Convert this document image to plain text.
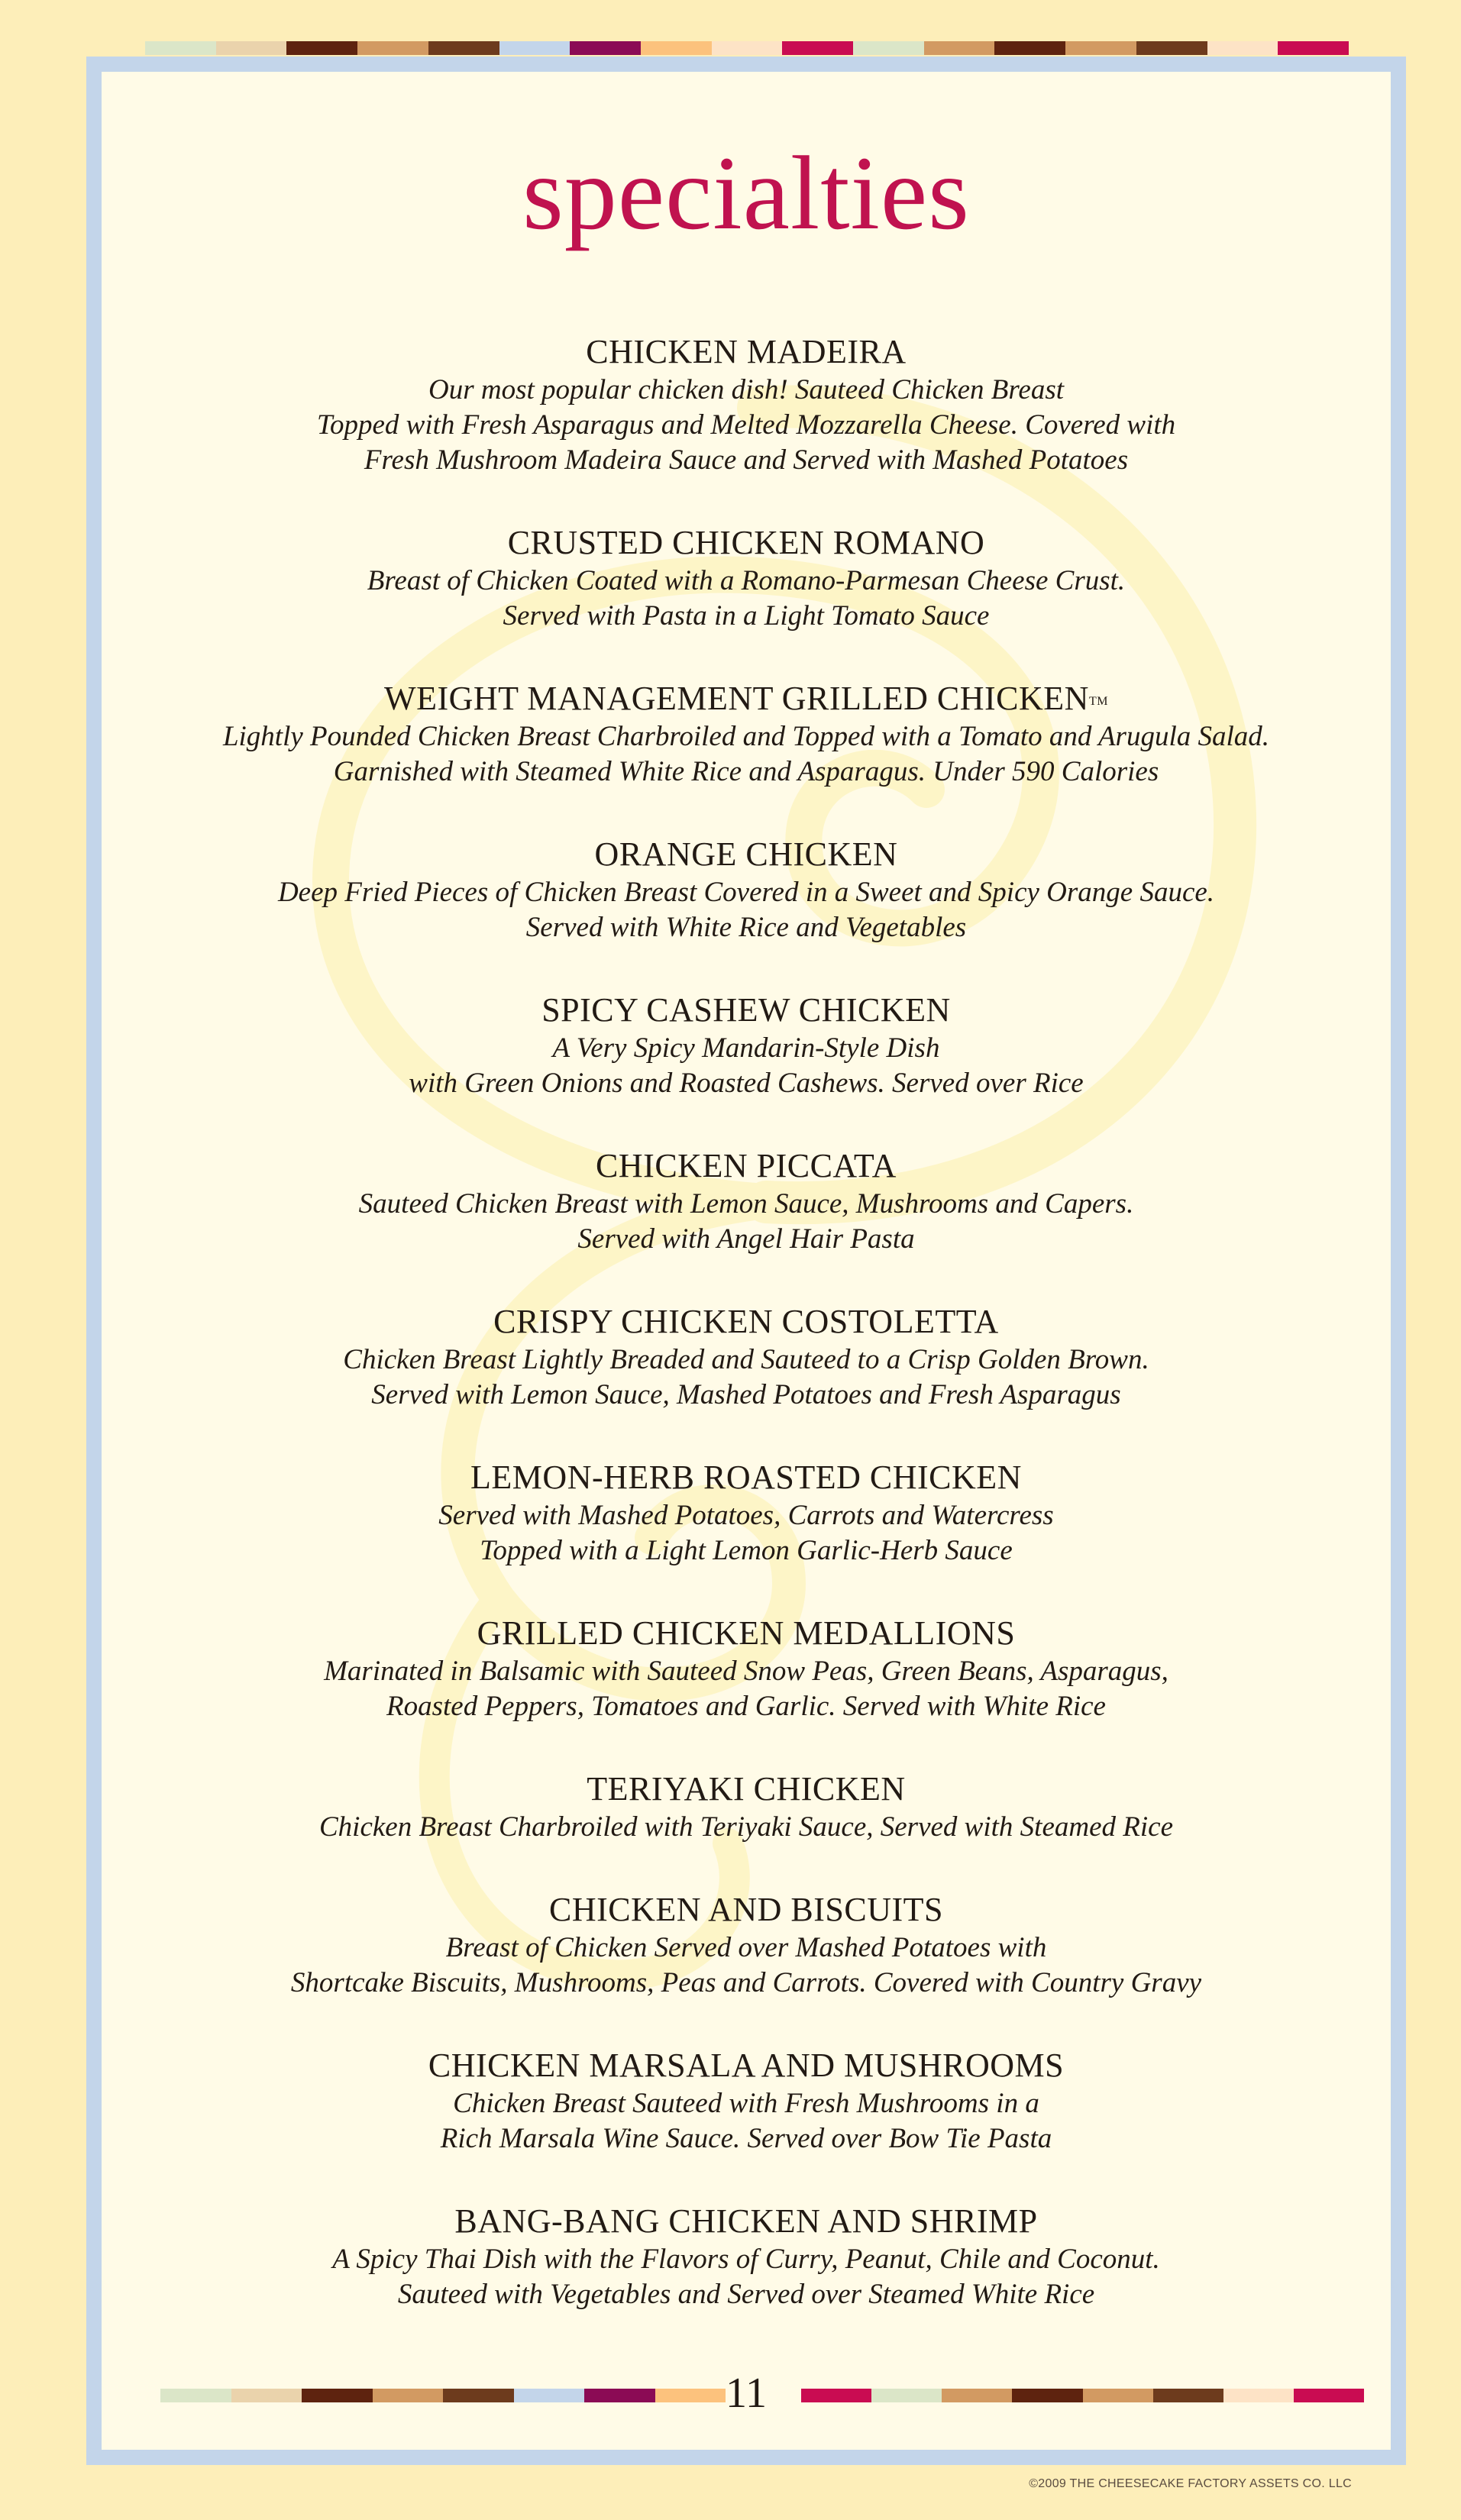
specialties
CHICKEN MADEIRA
Our most popular chicken dish! Sauteed Chicken Breast
Topped with Fresh Asparagus and Melted Mozzarella Cheese. Covered with
Fresh Mushroom Madeira Sauce and Served with Mashed Potatoes
CRUSTED CHICKEN ROMANO
Breast of Chicken Coated with a Romano-Parmesan Cheese Crust.
Served with Pasta in a Light Tomato Sauce
WEIGHT MANAGEMENT GRILLED CHICKEN™
Lightly Pounded Chicken Breast Charbroiled and Topped with a Tomato and Arugula Salad.
Garnished with Steamed White Rice and Asparagus. Under 590 Calories
ORANGE CHICKEN
Deep Fried Pieces of Chicken Breast Covered in a Sweet and Spicy Orange Sauce.
Served with White Rice and Vegetables
SPICY CASHEW CHICKEN
A Very Spicy Mandarin-Style Dish
with Green Onions and Roasted Cashews. Served over Rice
CHICKEN PICCATA
Sauteed Chicken Breast with Lemon Sauce, Mushrooms and Capers.
Served with Angel Hair Pasta
CRISPY CHICKEN COSTOLETTA
Chicken Breast Lightly Breaded and Sauteed to a Crisp Golden Brown.
Served with Lemon Sauce, Mashed Potatoes and Fresh Asparagus
LEMON-HERB ROASTED CHICKEN
Served with Mashed Potatoes, Carrots and Watercress
Topped with a Light Lemon Garlic-Herb Sauce
GRILLED CHICKEN MEDALLIONS
Marinated in Balsamic with Sauteed Snow Peas, Green Beans, Asparagus,
Roasted Peppers, Tomatoes and Garlic. Served with White Rice
TERIYAKI CHICKEN
Chicken Breast Charbroiled with Teriyaki Sauce, Served with Steamed Rice
CHICKEN AND BISCUITS
Breast of Chicken Served over Mashed Potatoes with
Shortcake Biscuits, Mushrooms, Peas and Carrots. Covered with Country Gravy
CHICKEN MARSALA AND MUSHROOMS
Chicken Breast Sauteed with Fresh Mushrooms in a
Rich Marsala Wine Sauce. Served over Bow Tie Pasta
BANG-BANG CHICKEN AND SHRIMP
A Spicy Thai Dish with the Flavors of Curry, Peanut, Chile and Coconut.
Sauteed with Vegetables and Served over Steamed White Rice
11
©2009 THE CHEESECAKE FACTORY ASSETS CO. LLC
